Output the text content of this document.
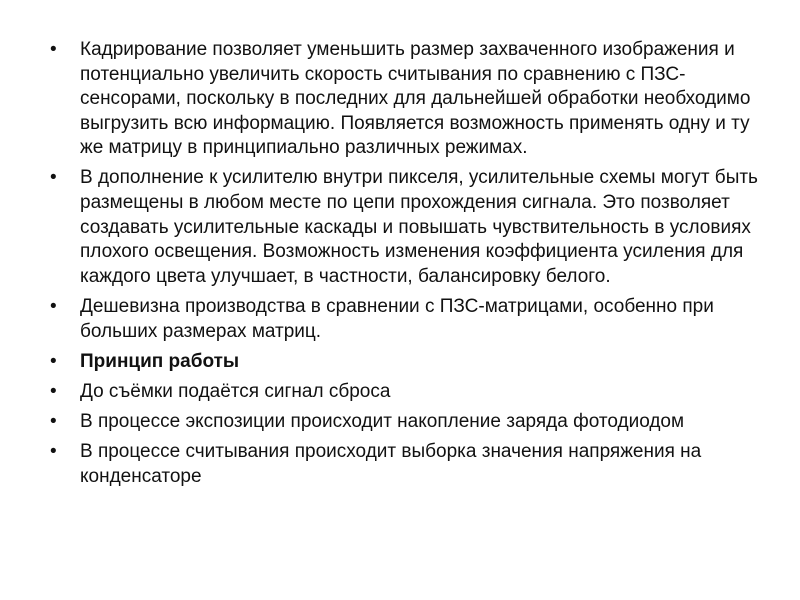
•	Кадрирование позволяет уменьшить размер захваченного изображения и потенциально увеличить скорость считывания по сравнению с ПЗС-сенсорами, поскольку в последних для дальнейшей обработки необходимо выгрузить всю информацию. Появляется возможность применять одну и ту же матрицу в принципиально различных режимах.
•	В дополнение к усилителю внутри пикселя, усилительные схемы могут быть размещены в любом месте по цепи прохождения сигнала. Это позволяет создавать усилительные каскады и повышать чувствительность в условиях плохого освещения. Возможность изменения коэффициента усиления для каждого цвета улучшает, в частности, балансировку белого.
•	Дешевизна производства в сравнении с ПЗС-матрицами, особенно при больших размерах матриц.
•	Принцип работы
•	До съёмки подаётся сигнал сброса
•	В процессе экспозиции происходит накопление заряда фотодиодом
•	В процессе считывания происходит выборка значения напряжения на конденсаторе
